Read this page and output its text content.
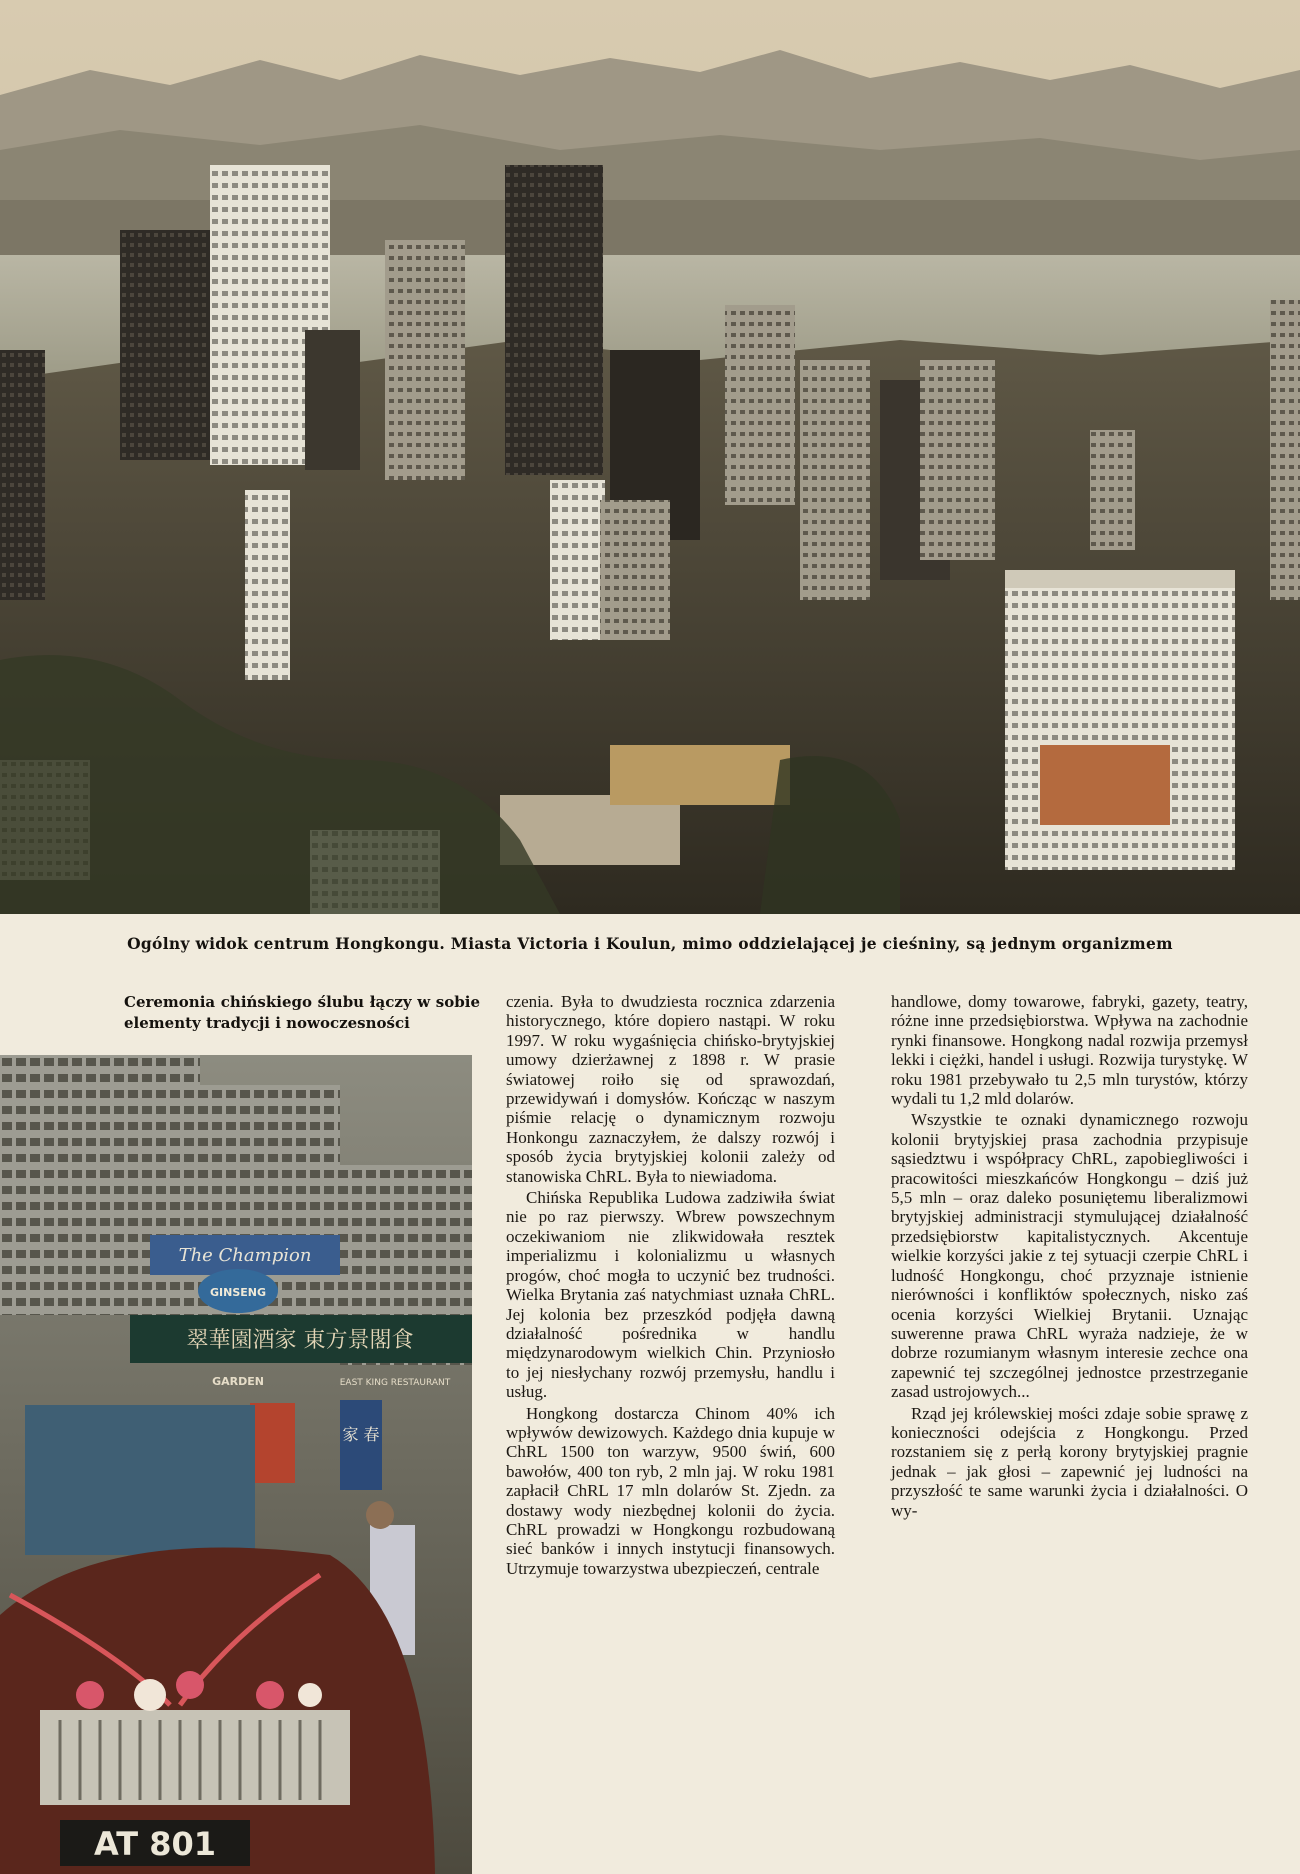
Ogólny widok centrum Hongkongu. Miasta Victoria i Koulun, mimo oddzielającej je cieśniny, są jednym organizmem
Ceremonia chińskiego ślubu łączy w sobie elementy tradycji i nowoczesności
The Champion
翠華園酒家 東方景閣食
GINSENG
GARDEN	EAST KING RESTAURANT
家 春
AT 801

czenia. Była to dwudziesta rocznica zdarzenia historycznego, które dopiero nastąpi. W roku 1997. W roku wygaśnięcia chińsko-brytyjskiej umowy dzierżawnej z 1898 r. W prasie światowej roiło się od sprawozdań, przewidywań i domysłów. Kończąc w naszym piśmie relację o dynamicznym rozwoju Honkongu zaznaczyłem, że dalszy rozwój i sposób życia brytyjskiej kolonii zależy od stanowiska ChRL. Była to niewiadoma.

Chińska Republika Ludowa zadziwiła świat nie po raz pierwszy. Wbrew powszechnym oczekiwaniom nie zlikwidowała resztek imperializmu i kolonializmu u własnych progów, choć mogła to uczynić bez trudności. Wielka Brytania zaś natychmiast uznała ChRL. Jej kolonia bez przeszkód podjęła dawną działalność pośrednika w handlu międzynarodowym wielkich Chin. Przyniosło to jej niesłychany rozwój przemysłu, handlu i usług.

Hongkong dostarcza Chinom 40% ich wpływów dewizowych. Każdego dnia kupuje w ChRL 1500 ton warzyw, 9500 świń, 600 bawołów, 400 ton ryb, 2 mln jaj. W roku 1981 zapłacił ChRL 17 mln dolarów St. Zjedn. za dostawy wody niezbędnej kolonii do życia. ChRL prowadzi w Hongkongu rozbudowaną sieć banków i innych instytucji finansowych. Utrzymuje towarzystwa ubezpieczeń, centrale

handlowe, domy towarowe, fabryki, gazety, teatry, różne inne przedsiębiorstwa. Wpływa na zachodnie rynki finansowe. Hongkong nadal rozwija przemysł lekki i ciężki, handel i usługi. Rozwija turystykę. W roku 1981 przebywało tu 2,5 mln turystów, którzy wydali tu 1,2 mld dolarów.

Wszystkie te oznaki dynamicznego rozwoju kolonii brytyjskiej prasa zachodnia przypisuje sąsiedztwu i współpracy ChRL, zapobiegliwości i pracowitości mieszkańców Hongkongu – dziś już 5,5 mln – oraz daleko posuniętemu liberalizmowi brytyjskiej administracji stymulującej działalność przedsiębiorstw kapitalistycznych. Akcentuje wielkie korzyści jakie z tej sytuacji czerpie ChRL i ludność Hongkongu, choć przyznaje istnienie nierówności i konfliktów społecznych, nisko zaś ocenia korzyści Wielkiej Brytanii. Uznając suwerenne prawa ChRL wyraża nadzieje, że w dobrze rozumianym własnym interesie zechce ona zapewnić tej szczególnej jednostce przestrzeganie zasad ustrojowych...

Rząd jej królewskiej mości zdaje sobie sprawę z konieczności odejścia z Hongkongu. Przed rozstaniem się z perłą korony brytyjskiej pragnie jednak – jak głosi – zapewnić jej ludności na przyszłość te same warunki życia i działalności. O wy-
